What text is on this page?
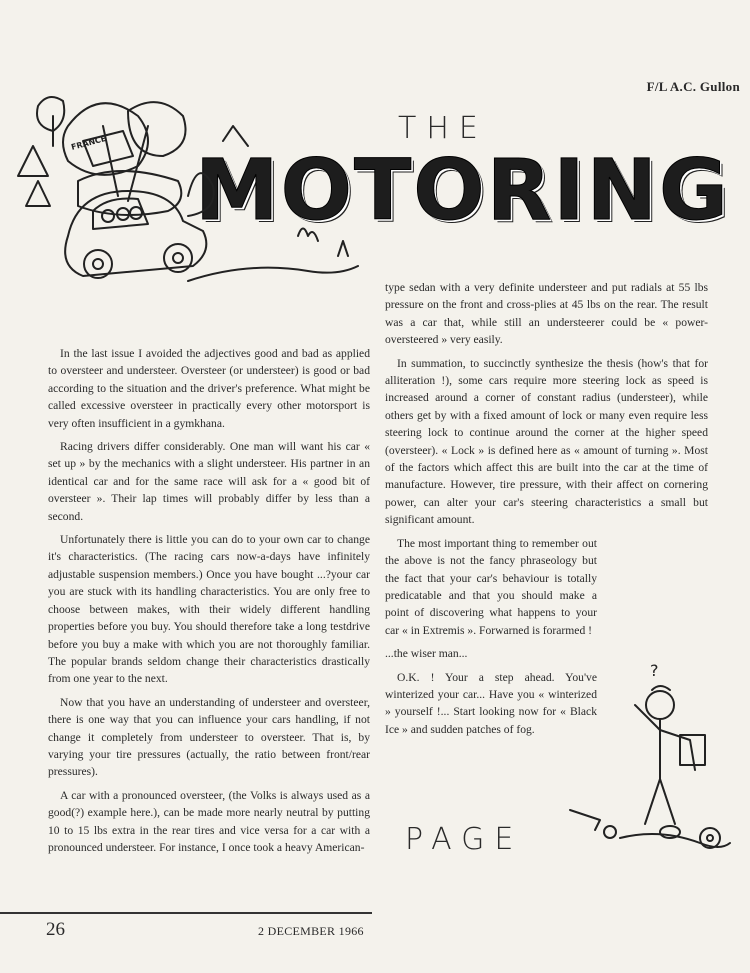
F/L A.C. Gullon
THE
MOTORING
FRANCE
?
PAGE

In the last issue I avoided the adjectives good and bad as applied to oversteer and understeer. Oversteer (or understeer) is good or bad according to the situation and the driver's preference. What might be called excessive oversteer in practically every other motorsport is very often insufficient in a gymkhana.

Racing drivers differ considerably. One man will want his car « set up » by the mechanics with a slight understeer. His partner in an identical car and for the same race will ask for a « good bit of oversteer ». Their lap times will probably differ by less than a second.

Unfortunately there is little you can do to your own car to change it's characteristics. (The racing cars now-a-days have infinitely adjustable suspension members.) Once you have bought ...?your car you are stuck with its handling characteristics. You are only free to choose between makes, with their widely different handling properties before you buy. You should therefore take a long testdrive before you buy a make with which you are not thoroughly familiar. The popular brands seldom change their characteristics drastically from one year to the next.

Now that you have an understanding of understeer and oversteer, there is one way that you can influence your cars handling, if not change it completely from understeer to oversteer. That is, by varying your tire pressures (actually, the ratio between front/rear pressures).

A car with a pronounced oversteer, (the Volks is always used as a good(?) example here.), can be made more nearly neutral by putting 10 to 15 lbs extra in the rear tires and vice versa for a car with a pronounced understeer. For instance, I once took a heavy American-

type sedan with a very definite understeer and put radials at 55 lbs pressure on the front and cross-plies at 45 lbs on the rear. The result was a car that, while still an understeerer could be « power-oversteered » very easily.

In summation, to succinctly synthesize the thesis (how's that for alliteration !), some cars require more steering lock as speed is increased around a corner of constant radius (understeer), while others get by with a fixed amount of lock or many even require less steering lock to continue around the corner at the higher speed (oversteer). « Lock » is defined here as « amount of turning ». Most of the factors which affect this are built into the car at the time of manufacture. However, tire pressure, with their affect on cornering power, can alter your car's steering characteristics a small but significant amount.

The most important thing to remember out the above is not the fancy phraseology but the fact that your car's behaviour is totally predicatable and that you should make a point of discovering what happens to your car « in Extremis ». Forwarned is forarmed !

...the wiser man...

O.K. ! Your a step ahead. You've winterized your car... Have you « winterized » yourself !... Start looking now for « Black Ice » and sudden patches of fog.

26	2 DECEMBER 1966
